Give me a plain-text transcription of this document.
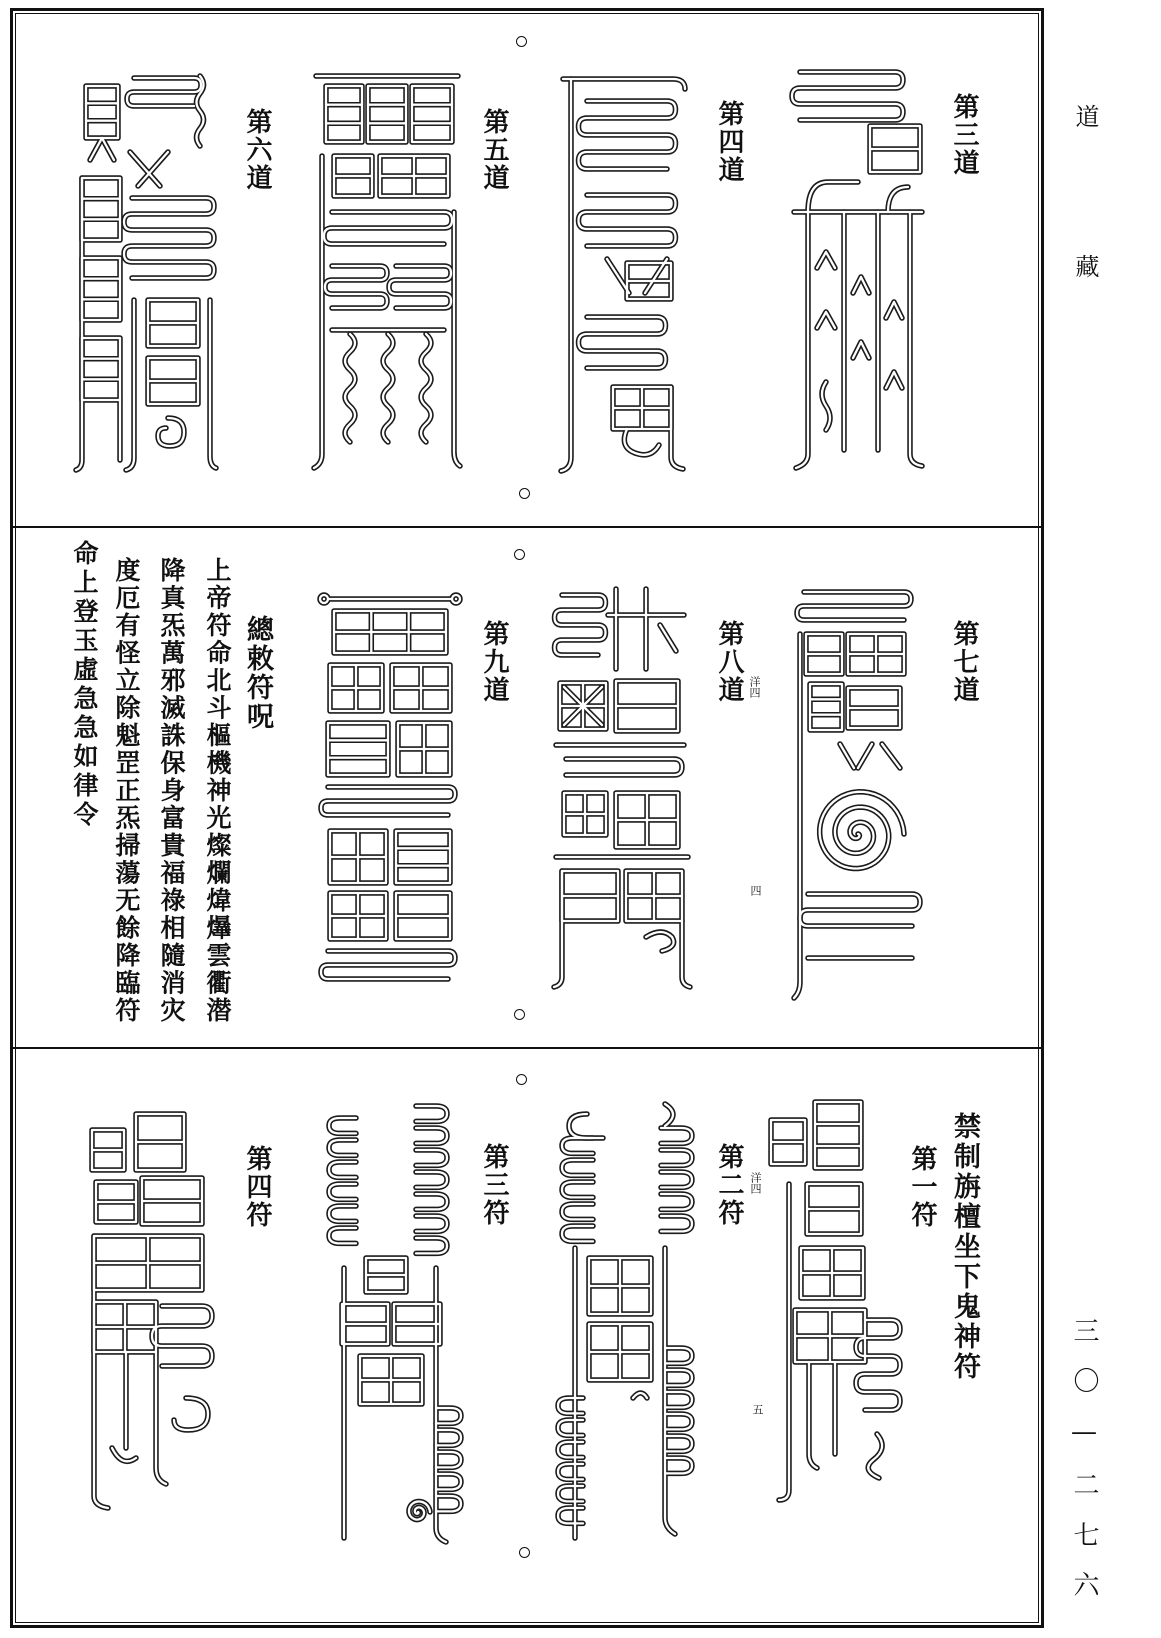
道
藏
三〇—二七六
第三道
第四道
第五道
第六道
第七道
第八道 洋四
四
第九道
總敕符呪
上帝符命北斗樞機神光燦爛煒爗雲衢潜
降真炁萬邪滅誅保身富貴福祿相隨消灾
度厄有怪立除魁罡正炁掃蕩无餘降臨符
命上登玉虛急急如律令
禁制旃檀坐下鬼神符
第一符
第二符 洋四
五
第三符
第四符
